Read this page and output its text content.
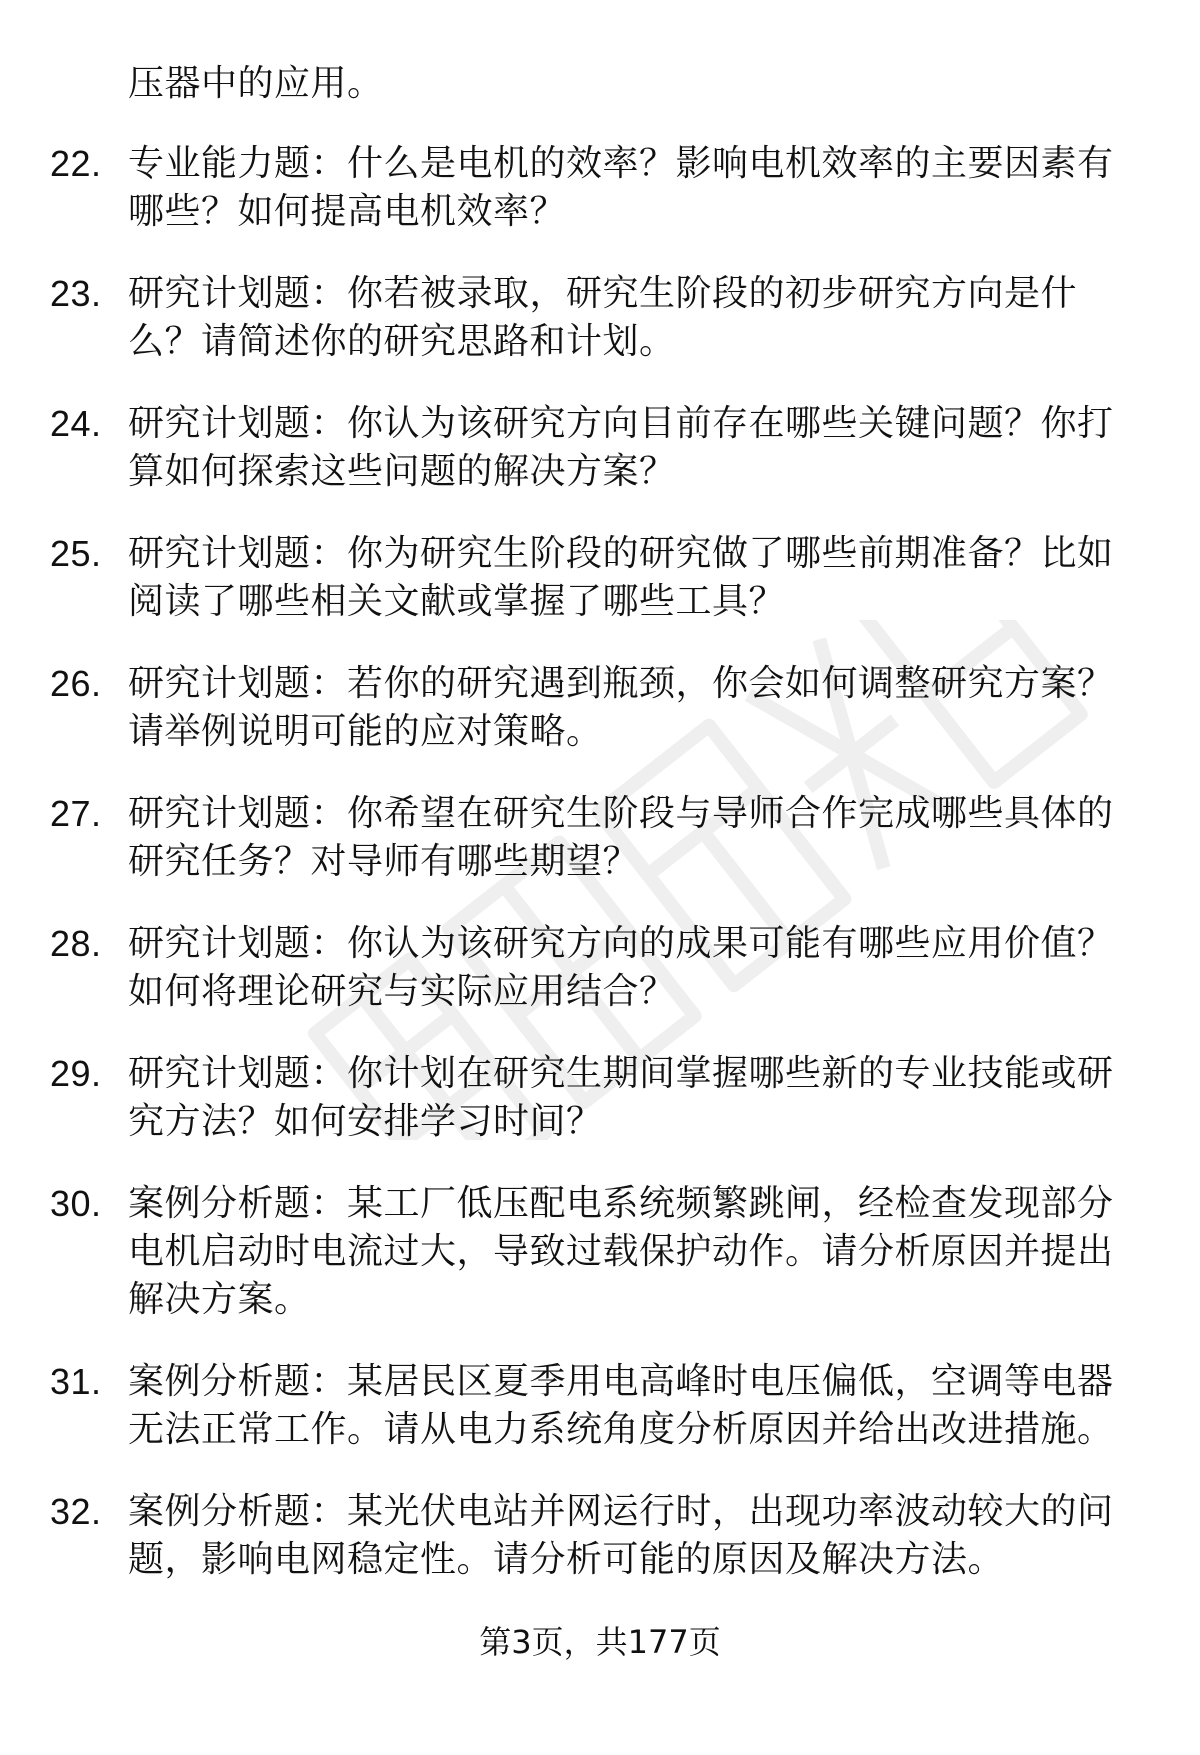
压器中的应用。
22. 专业能力题：什么是电机的效率？影响电机效率的主要因素有哪些？如何提高电机效率？
23. 研究计划题：你若被录取，研究生阶段的初步研究方向是什么？请简述你的研究思路和计划。
24. 研究计划题：你认为该研究方向目前存在哪些关键问题？你打算如何探索这些问题的解决方案？
25. 研究计划题：你为研究生阶段的研究做了哪些前期准备？比如阅读了哪些相关文献或掌握了哪些工具？
26. 研究计划题：若你的研究遇到瓶颈，你会如何调整研究方案？请举例说明可能的应对策略。
27. 研究计划题：你希望在研究生阶段与导师合作完成哪些具体的研究任务？对导师有哪些期望？
28. 研究计划题：你认为该研究方向的成果可能有哪些应用价值？如何将理论研究与实际应用结合？
29. 研究计划题：你计划在研究生期间掌握哪些新的专业技能或研究方法？如何安排学习时间？
30. 案例分析题：某工厂低压配电系统频繁跳闸，经检查发现部分电机启动时电流过大，导致过载保护动作。请分析原因并提出解决方案。
31. 案例分析题：某居民区夏季用电高峰时电压偏低，空调等电器无法正常工作。请从电力系统角度分析原因并给出改进措施。
32. 案例分析题：某光伏电站并网运行时，出现功率波动较大的问题，影响电网稳定性。请分析可能的原因及解决方法。
第3页，共177页
